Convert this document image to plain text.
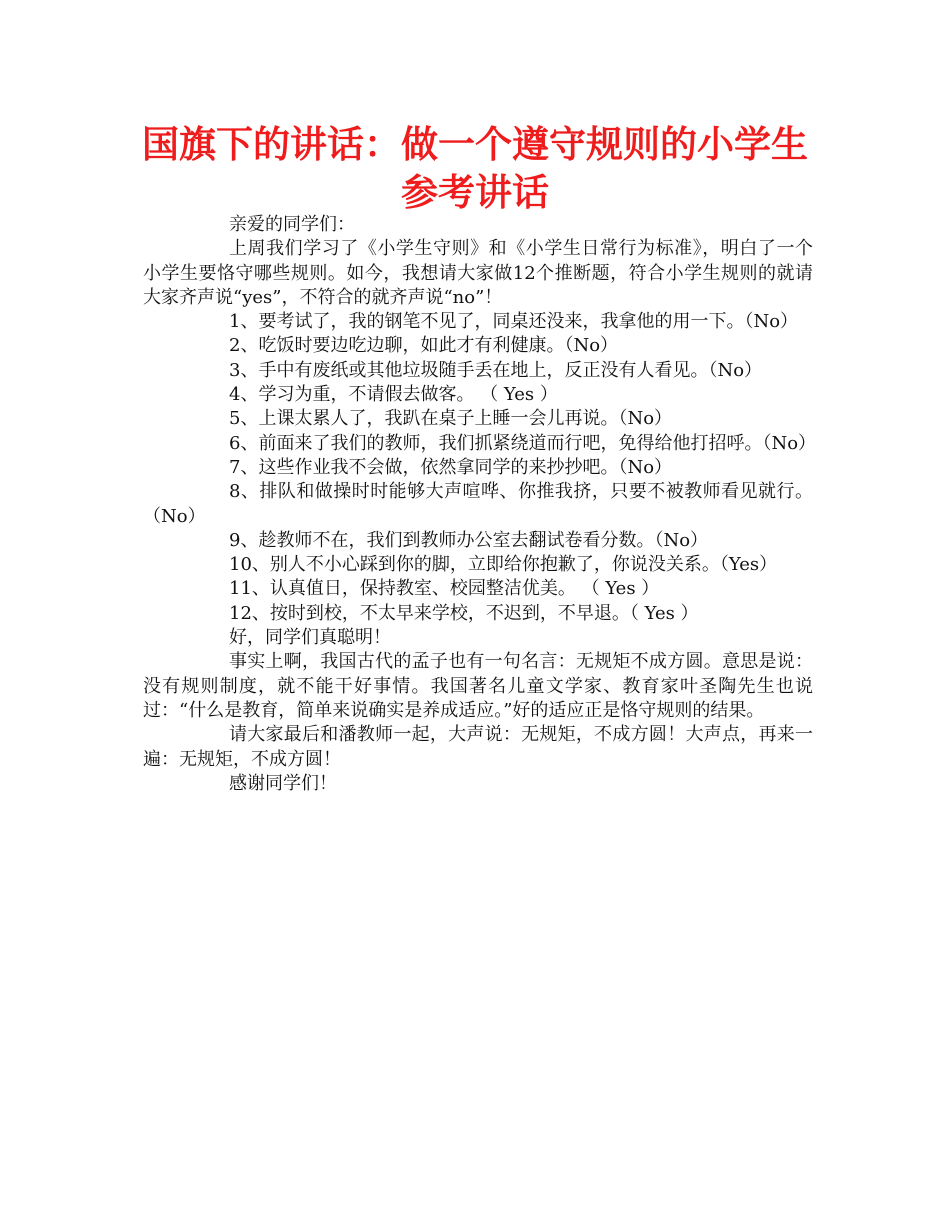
国旗下的讲话：做一个遵守规则的小学生
参考讲话

亲爱的同学们：

上周我们学习了《小学生守则》和《小学生日常行为标准》，明白了一个小学生要恪守哪些规则。如今，我想请大家做12个推断题，符合小学生规则的就请大家齐声说“yes”，不符合的就齐声说“no”！

1、要考试了，我的钢笔不见了，同桌还没来，我拿他的用一下。（No）

2、吃饭时要边吃边聊，如此才有利健康。（No）

3、手中有废纸或其他垃圾随手丢在地上，反正没有人看见。（No）

4、学习为重，不请假去做客。 （ Yes ）

5、上课太累人了，我趴在桌子上睡一会儿再说。（No）

6、前面来了我们的教师，我们抓紧绕道而行吧，免得给他打招呼。（No）

7、这些作业我不会做，依然拿同学的来抄抄吧。（No）

8、排队和做操时时能够大声喧哗、你推我挤，只要不被教师看见就行。（No）

9、趁教师不在，我们到教师办公室去翻试卷看分数。（No）

10、别人不小心踩到你的脚，立即给你抱歉了，你说没关系。（Yes）

11、认真值日，保持教室、校园整洁优美。 （ Yes ）

12、按时到校，不太早来学校，不迟到，不早退。（ Yes ）

好，同学们真聪明！

事实上啊，我国古代的孟子也有一句名言：无规矩不成方圆。意思是说：没有规则制度，就不能干好事情。我国著名儿童文学家、教育家叶圣陶先生也说过：“什么是教育，简单来说确实是养成适应。”好的适应正是恪守规则的结果。

请大家最后和潘教师一起，大声说：无规矩，不成方圆！大声点，再来一遍：无规矩，不成方圆！

感谢同学们！
